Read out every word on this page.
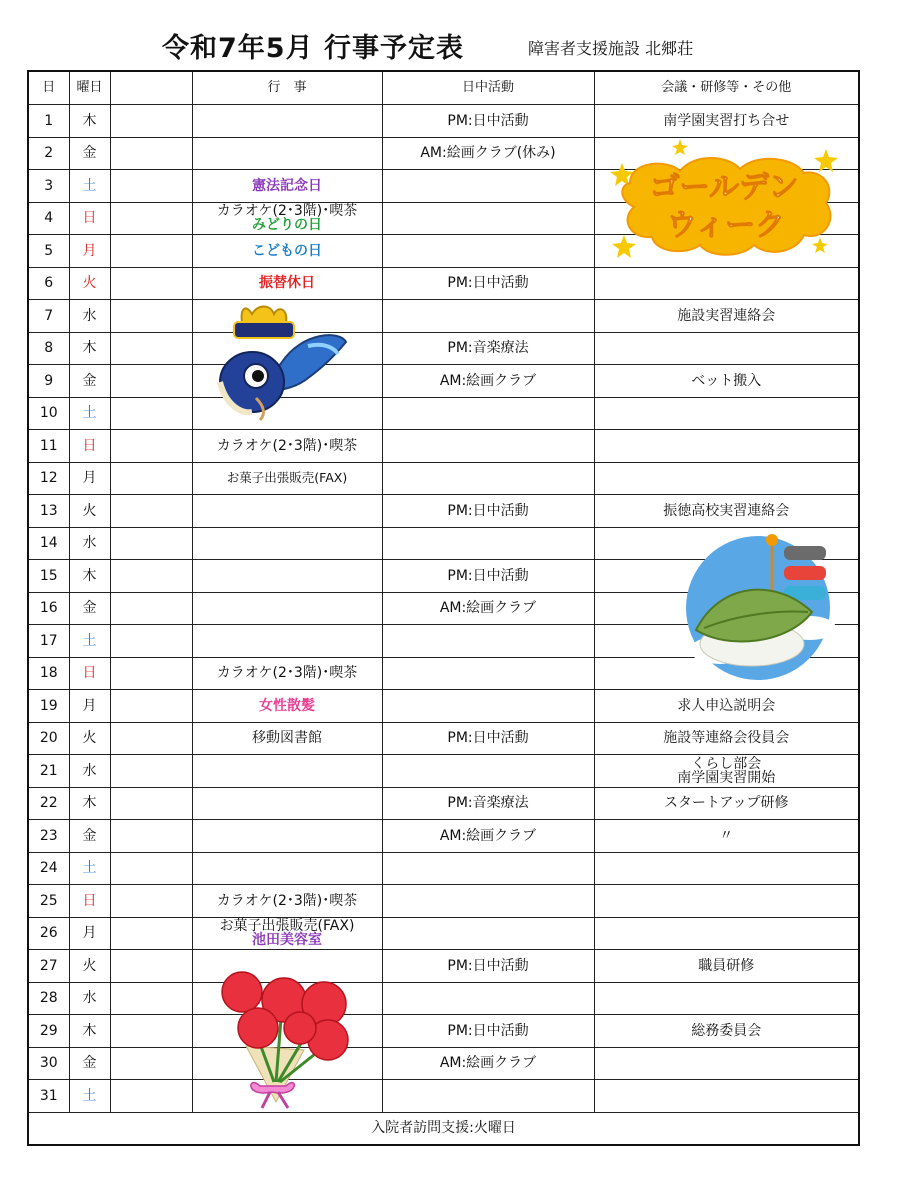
令和7年5月 行事予定表	障害者支援施設 北郷荘
日	曜日		行　事	日中活動	会議・研修等・その他
1	木			PM:日中活動	南学園実習打ち合せ
2	金			AM:絵画クラブ(休み)	
3	土		憲法記念日		
4	日		カラオケ(2･3階)･喫茶
みどりの日		

5	月		こどもの日		
6	火		振替休日	PM:日中活動	
7	水				施設実習連絡会
8	木			PM:音楽療法	
9	金			AM:絵画クラブ	ベット搬入
10	土				
11	日		カラオケ(2･3階)･喫茶		
12	月		お菓子出張販売(FAX)		
13	火			PM:日中活動	振徳高校実習連絡会
14	水				
15	木			PM:日中活動	
16	金			AM:絵画クラブ	
17	土				
18	日		カラオケ(2･3階)･喫茶		
19	月		女性散髪		求人申込説明会
20	火		移動図書館	PM:日中活動	施設等連絡会役員会
21	水				くらし部会
南学園実習開始

22	木			PM:音楽療法	スタートアップ研修
23	金			AM:絵画クラブ	〃
24	土				
25	日		カラオケ(2･3階)･喫茶		
26	月		お菓子出張販売(FAX)
池田美容室		

27	火			PM:日中活動	職員研修
28	水				
29	木			PM:日中活動	総務委員会
30	金			AM:絵画クラブ	
31	土				
入院者訪問支援:火曜日					
ゴールデン
ウィーク
